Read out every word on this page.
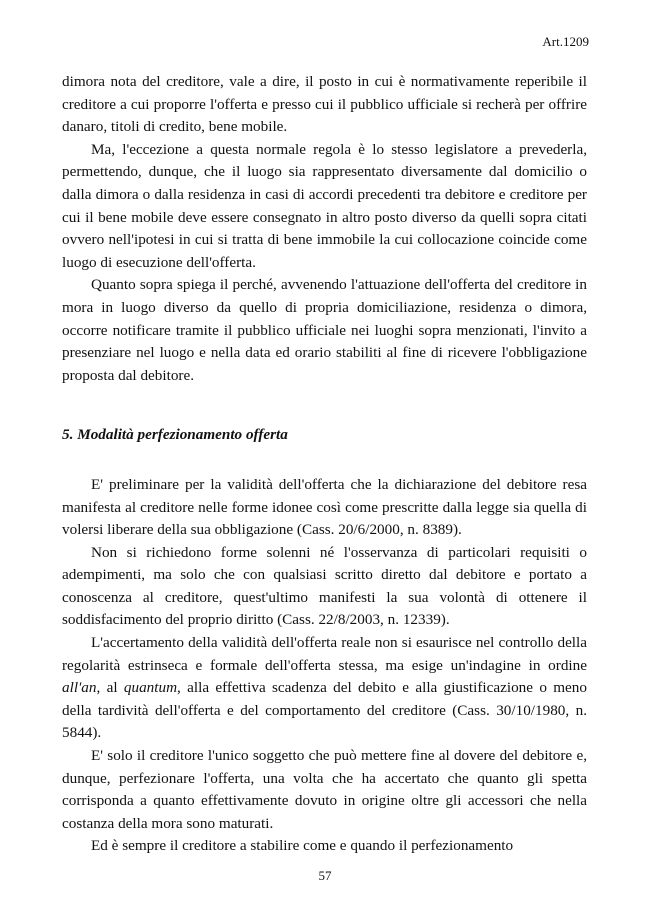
Art.1209

dimora nota del creditore, vale a dire, il posto in cui è normativamente reperibile il creditore a cui proporre l'offerta e presso cui il pubblico ufficiale si recherà per offrire danaro, titoli di credito, bene mobile.

Ma, l'eccezione a questa normale regola è lo stesso legislatore a prevederla, permettendo, dunque, che il luogo sia rappresentato diversamente dal domicilio o dalla dimora o dalla residenza in casi di accordi precedenti tra debitore e creditore per cui il bene mobile deve essere consegnato in altro posto diverso da quelli sopra citati ovvero nell'ipotesi in cui si tratta di bene immobile la cui collocazione coincide come luogo di esecuzione dell'offerta.

Quanto sopra spiega il perché, avvenendo l'attuazione dell'offerta del creditore in mora in luogo diverso da quello di propria domiciliazione, residenza o dimora, occorre notificare tramite il pubblico ufficiale nei luoghi sopra menzionati, l'invito a presenziare nel luogo e nella data ed orario stabiliti al fine di ricevere l'obbligazione proposta dal debitore.

5. Modalità perfezionamento offerta

E' preliminare per la validità dell'offerta che la dichiarazione del debitore resa manifesta al creditore nelle forme idonee così come prescritte dalla legge sia quella di volersi liberare della sua obbligazione (Cass. 20/6/2000, n. 8389).

Non si richiedono forme solenni né l'osservanza di particolari requisiti o adempimenti, ma solo che con qualsiasi scritto diretto dal debitore e portato a conoscenza al creditore, quest'ultimo manifesti la sua volontà di ottenere il soddisfacimento del proprio diritto (Cass. 22/8/2003, n. 12339).

L'accertamento della validità dell'offerta reale non si esaurisce nel controllo della regolarità estrinseca e formale dell'offerta stessa, ma esige un'indagine in ordine all'an, al quantum, alla effettiva scadenza del debito e alla giustificazione o meno della tardività dell'offerta e del comportamento del creditore (Cass. 30/10/1980, n. 5844).

E' solo il creditore l'unico soggetto che può mettere fine al dovere del debitore e, dunque, perfezionare l'offerta, una volta che ha accertato che quanto gli spetta corrisponda a quanto effettivamente dovuto in origine oltre gli accessori che nella costanza della mora sono maturati.

Ed è sempre il creditore a stabilire come e quando il perfezionamento

57
